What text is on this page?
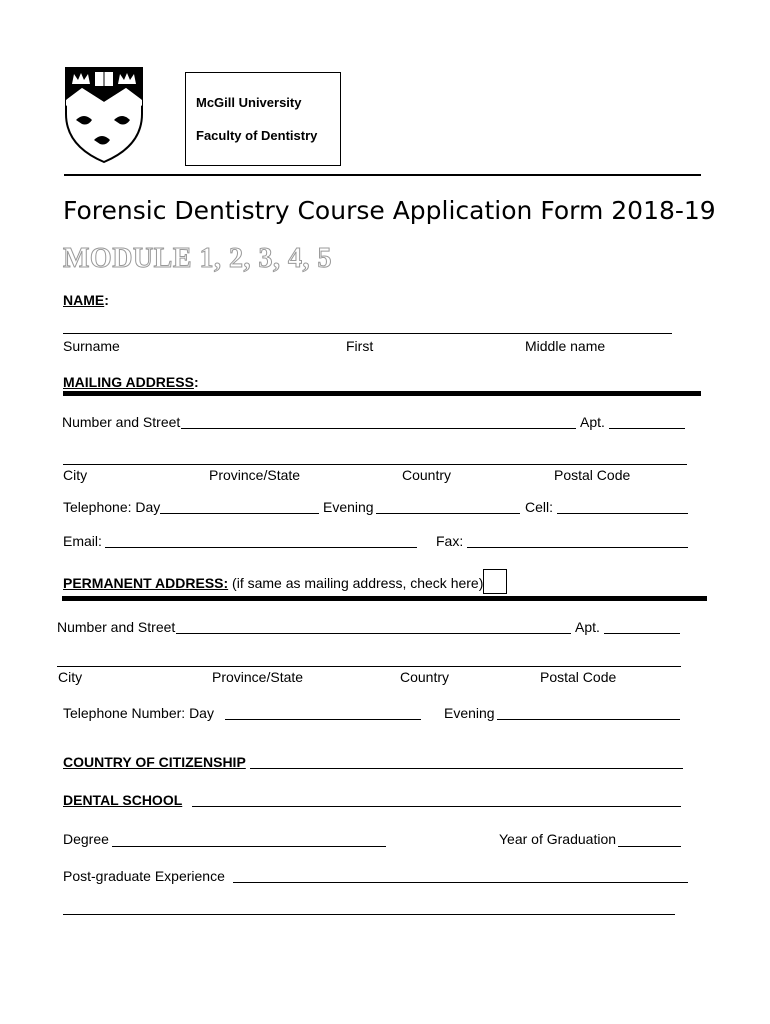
McGill University
Faculty of Dentistry
Forensic Dentistry Course Application Form 2018-19
MODULE 1, 2, 3, 4, 5
NAME:
Surname	First	Middle name
MAILING ADDRESS:
Number and Street	Apt.
City	Province/State	Country	Postal Code
Telephone: Day	Evening	Cell:
Email:	Fax:
PERMANENT ADDRESS: (if same as mailing address, check here)
Number and Street	Apt.
City	Province/State	Country	Postal Code
Telephone Number: Day	Evening
COUNTRY OF CITIZENSHIP
DENTAL SCHOOL
Degree	Year of Graduation
Post-graduate Experience
